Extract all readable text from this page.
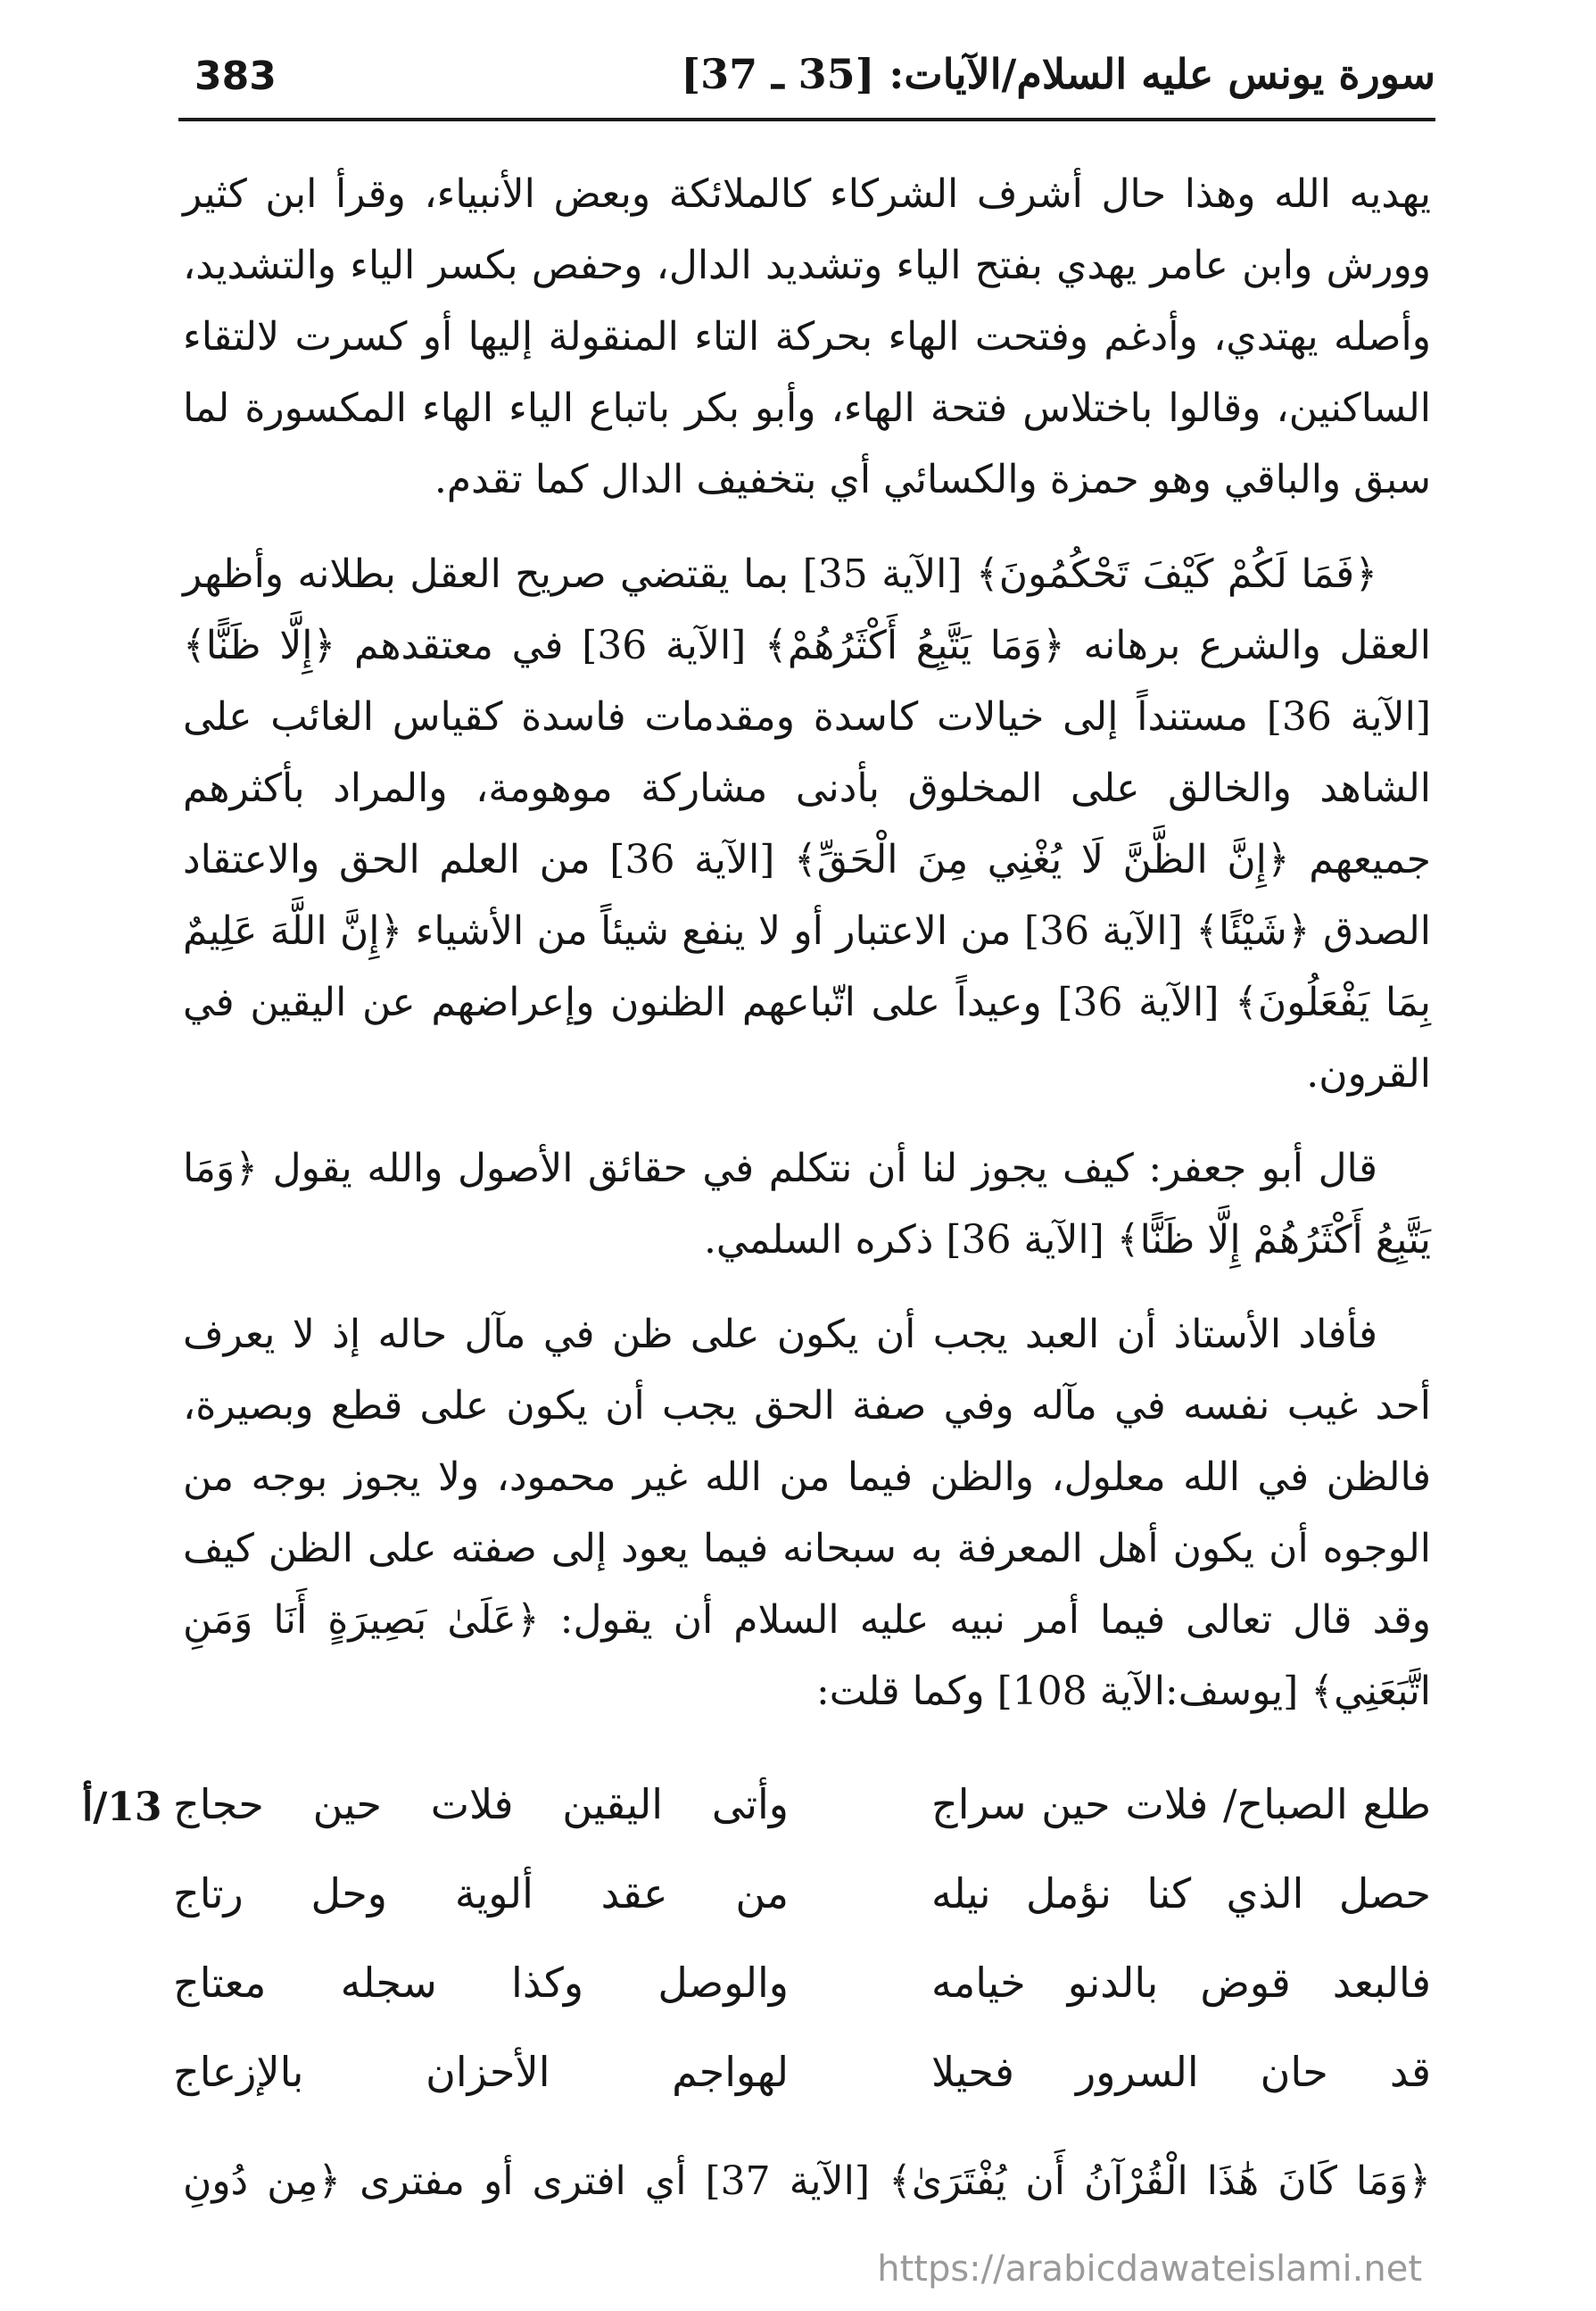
383	سورة يونس عليه السلام/الآيات: [35 ـ 37]

يهديه الله وهذا حال أشرف الشركاء كالملائكة وبعض الأنبياء، وقرأ ابن كثير وورش وابن عامر يهدي بفتح الياء وتشديد الدال، وحفص بكسر الياء والتشديد، وأصله يهتدي، وأدغم وفتحت الهاء بحركة التاء المنقولة إليها أو كسرت لالتقاء الساكنين، وقالوا باختلاس فتحة الهاء، وأبو بكر باتباع الياء الهاء المكسورة لما سبق والباقي وهو حمزة والكسائي أي بتخفيف الدال كما تقدم.

﴿فَمَا لَكُمْ كَيْفَ تَحْكُمُونَ﴾ [الآية 35] بما يقتضي صريح العقل بطلانه وأظهر العقل والشرع برهانه ﴿وَمَا يَتَّبِعُ أَكْثَرُهُمْ﴾ [الآية 36] في معتقدهم ﴿إِلَّا ظَنًّا﴾ [الآية 36] مستنداً إلى خيالات كاسدة ومقدمات فاسدة كقياس الغائب على الشاهد والخالق على المخلوق بأدنى مشاركة موهومة، والمراد بأكثرهم جميعهم ﴿إِنَّ الظَّنَّ لَا يُغْنِي مِنَ الْحَقِّ﴾ [الآية 36] من العلم الحق والاعتقاد الصدق ﴿شَيْئًا﴾ [الآية 36] من الاعتبار أو لا ينفع شيئاً من الأشياء ﴿إِنَّ اللَّهَ عَلِيمٌ بِمَا يَفْعَلُونَ﴾ [الآية 36] وعيداً على اتّباعهم الظنون وإعراضهم عن اليقين في القرون.

قال أبو جعفر: كيف يجوز لنا أن نتكلم في حقائق الأصول والله يقول ﴿وَمَا يَتَّبِعُ أَكْثَرُهُمْ إِلَّا ظَنًّا﴾ [الآية 36] ذكره السلمي.

فأفاد الأستاذ أن العبد يجب أن يكون على ظن في مآل حاله إذ لا يعرف أحد غيب نفسه في مآله وفي صفة الحق يجب أن يكون على قطع وبصيرة، فالظن في الله معلول، والظن فيما من الله غير محمود، ولا يجوز بوجه من الوجوه أن يكون أهل المعرفة به سبحانه فيما يعود إلى صفته على الظن كيف وقد قال تعالى فيما أمر نبيه عليه السلام أن يقول: ﴿عَلَىٰ بَصِيرَةٍ أَنَا وَمَنِ اتَّبَعَنِي﴾ [يوسف:الآية 108] وكما قلت:

13/أ	طلع الصباح/ فلات حين سراج
وأتى اليقين فلات حين حجاج
حصل الذي كنا نؤمل نيله
من عقد ألوية وحل رتاج
فالبعد قوض بالدنو خيامه
والوصل وكذا سجله معتاج
قد حان السرور فحيلا
لهواجم الأحزان بالإزعاج
﴿وَمَا كَانَ هَٰذَا الْقُرْآنُ أَن يُفْتَرَىٰ﴾ [الآية 37] أي افترى أو مفترى ﴿مِن دُونِ
https://arabicdawateislami.net
